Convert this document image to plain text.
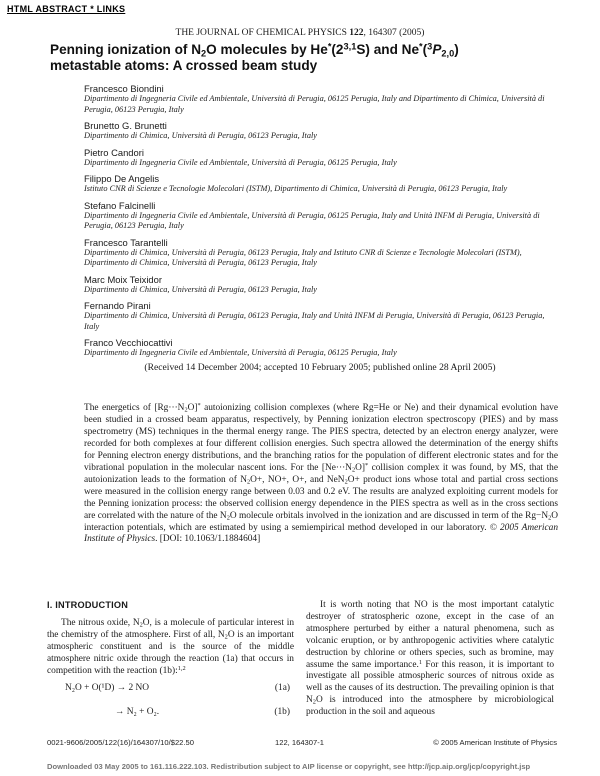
HTML ABSTRACT * LINKS
THE JOURNAL OF CHEMICAL PHYSICS 122, 164307 (2005)
Penning ionization of $N_2O$ molecules by He*(2$^{3,1}$S) and $Ne^*(^3P_{2,0})$
metastable atoms: A crossed beam study
Francesco Biondini
Dipartimento di Ingegneria Civile ed Ambientale, Università di Perugia, 06125 Perugia, Italy and Dipartimento di Chimica, Università di Perugia, 06123 Perugia, Italy
Brunetto G. Brunetti
Dipartimento di Chimica, Università di Perugia, 06123 Perugia, Italy
Pietro Candori
Dipartimento di Ingegneria Civile ed Ambientale, Università di Perugia, 06125 Perugia, Italy
Filippo De Angelis
Istituto CNR di Scienze e Tecnologie Molecolari (ISTM), Dipartimento di Chimica, Università di Perugia, 06123 Perugia, Italy
Stefano Falcinelli
Dipartimento di Ingegneria Civile ed Ambientale, Università di Perugia, 06125 Perugia, Italy and Unità INFM di Perugia, Università di Perugia, 06123 Perugia, Italy
Francesco Tarantelli
Dipartimento di Chimica, Università di Perugia, 06123 Perugia, Italy and Istituto CNR di Scienze e Tecnologie Molecolari (ISTM), Dipartimento di Chimica, Università di Perugia, 06123 Perugia, Italy
Marc Moix Teixidor
Dipartimento di Chimica, Università di Perugia, 06123 Perugia, Italy
Fernando Pirani
Dipartimento di Chimica, Università di Perugia, 06123 Perugia, Italy and Unità INFM di Perugia, Università di Perugia, 06123 Perugia, Italy
Franco Vecchiocattivi
Dipartimento di Ingegneria Civile ed Ambientale, Università di Perugia, 06125 Perugia, Italy
(Received 14 December 2004; accepted 10 February 2005; published online 28 April 2005)

The energetics of $[Rg\cdot\cdot\cdot N_2O]^*$ autoionizing collision complexes (where Rg=He or Ne) and their dynamical evolution have been studied in a crossed beam apparatus, respectively, by Penning ionization electron spectroscopy (PIES) and by mass spectrometry (MS) techniques in the thermal energy range. The PIES spectra, detected by an electron energy analyzer, were recorded for both complexes at four different collision energies. Such spectra allowed the determination of the energy shifts for Penning electron energy distributions, and the branching ratios for the population of different electronic states and for the vibrational population in the molecular nascent ions. For the $[Ne\cdot\cdot\cdot N_2O]^*$ collision complex it was found, by MS, that the autoionization leads to the formation of $N_2O+$, NO+, O+, and NeN$_2$O+ product ions whose total and partial cross sections were measured in the collision energy range between 0.03 and 0.2 eV. The results are analyzed exploiting current models for the Penning ionization process: the observed collision energy dependence in the PIES spectra as well as in the cross sections are correlated with the nature of the $N_2O$ molecule orbitals involved in the ionization and are discussed in term of the $Rg-N_2O$ interaction potentials, which are estimated by using a semiempirical method developed in our laboratory. © 2005 American Institute of Physics. [DOI: 10.1063/1.1884604]

I. INTRODUCTION

The nitrous oxide, $N_2O$, is a molecule of particular interest in the chemistry of the atmosphere. First of all, $N_2O$ is an important atmospheric constituent and is the source of the middle atmosphere nitric oxide through the reaction (1a) that occurs in competition with the reaction (1b):$^{1,2}$

N₂O + O(¹D) → 2 NO	(1a)
→ N₂ + O₂.	(1b)

It is worth noting that NO is the most important catalytic destroyer of stratospheric ozone, except in the case of an atmosphere perturbed by either a natural phenomena, such as volcanic eruption, or by anthropogenic activities where catalytic destruction by chlorine or others species, such as bromine, may assume the same importance.$^1$ For this reason, it is important to investigate all possible atmospheric sources of nitrous oxide as well as the causes of its destruction. The prevailing opinion is that $N_2O$ is introduced into the atmosphere by microbiological production in the soil and aqueous

0021-9606/2005/122(16)/164307/10/$22.50	122, 164307-1	© 2005 American Institute of Physics
Downloaded 03 May 2005 to 161.116.222.103. Redistribution subject to AIP license or copyright, see http://jcp.aip.org/jcp/copyright.jsp
